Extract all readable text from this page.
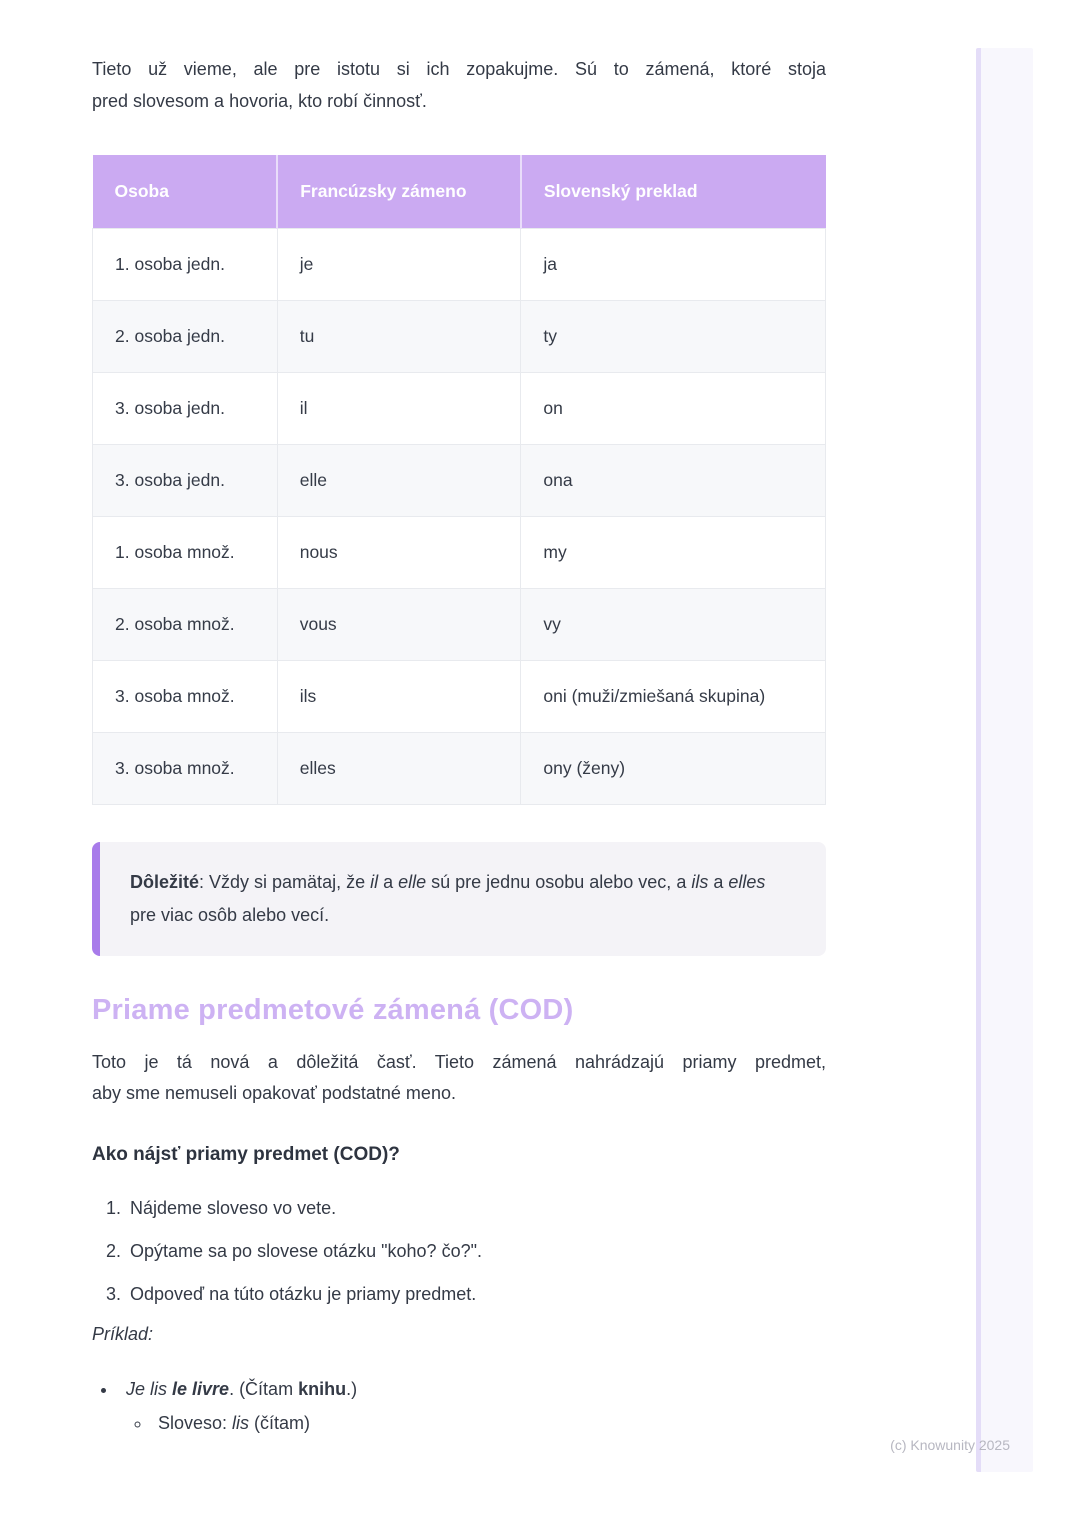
Tieto už vieme, ale pre istotu si ich zopakujme. Sú to zámená, ktoré stoja
pred slovesom a hovoria, kto robí činnosť.

Osoba	Francúzsky zámeno	Slovenský preklad
1. osoba jedn.	je	ja
2. osoba jedn.	tu	ty
3. osoba jedn.	il	on
3. osoba jedn.	elle	ona
1. osoba množ.	nous	my
2. osoba množ.	vous	vy
3. osoba množ.	ils	oni (muži/zmiešaná skupina)
3. osoba množ.	elles	ony (ženy)
Dôležité: Vždy si pamätaj, že il a elle sú pre jednu osobu alebo vec, a ils a elles pre viac osôb alebo vecí.
Priame predmetové zámená (COD)

Toto je tá nová a dôležitá časť. Tieto zámená nahrádzajú priamy predmet,
aby sme nemuseli opakovať podstatné meno.

Ako nájsť priamy predmet (COD)?
1. Nájdeme sloveso vo vete.
2. Opýtame sa po slovese otázku "koho? čo?".
3. Odpoveď na túto otázku je priamy predmet.

Príklad:

• Je lis le livre. (Čítam knihu.)
◦ Sloveso: lis (čítam)
(c) Knowunity 2025
